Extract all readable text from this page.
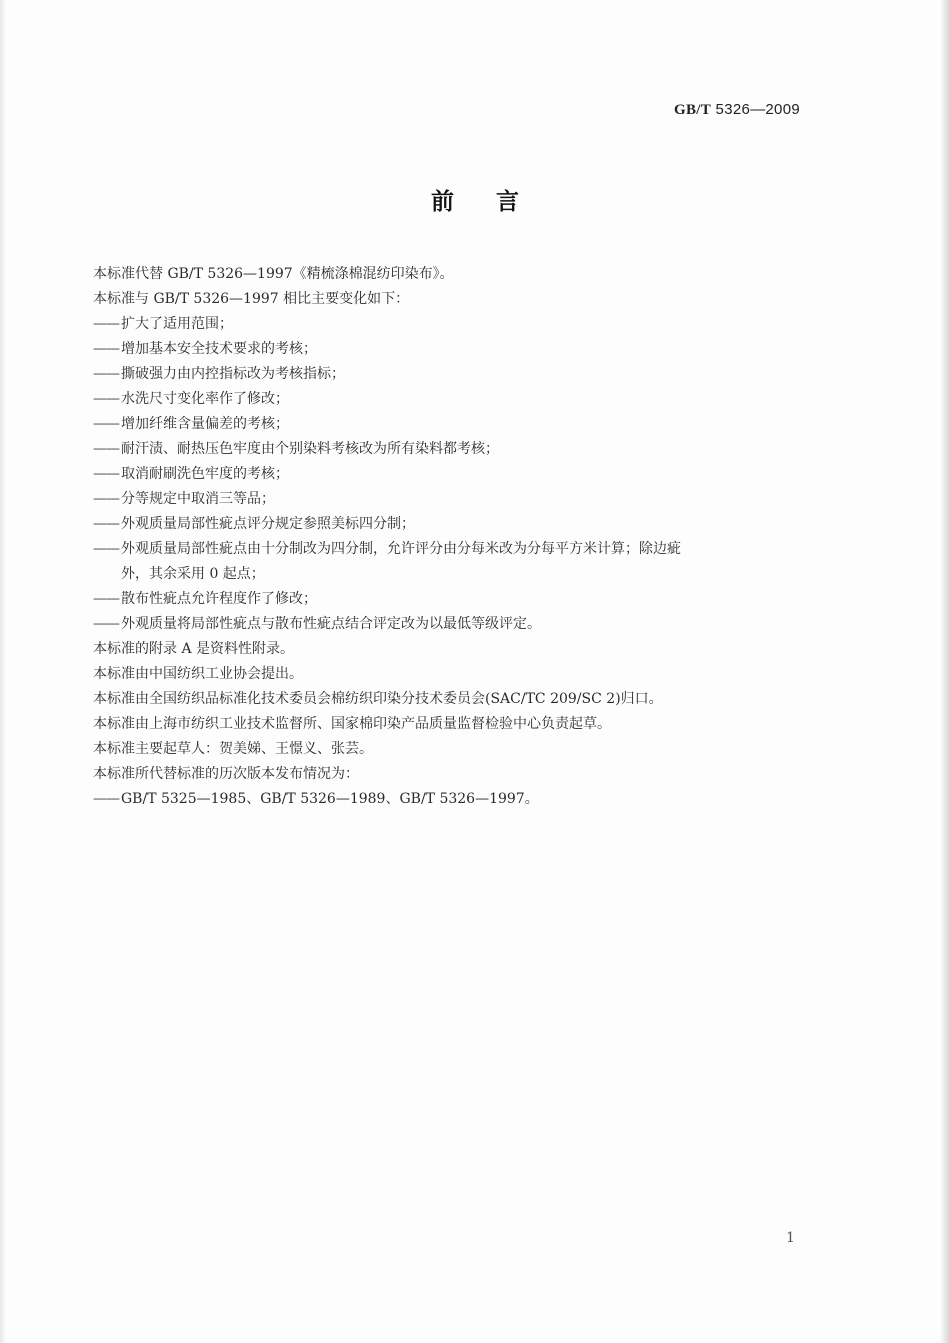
GB/T 5326—2009
前言
本标准代替 GB/T 5326—1997《精梳涤棉混纺印染布》。
本标准与 GB/T 5326—1997 相比主要变化如下：
—— 扩大了适用范围；
—— 增加基本安全技术要求的考核；
—— 撕破强力由内控指标改为考核指标；
—— 水洗尺寸变化率作了修改；
—— 增加纤维含量偏差的考核；
—— 耐汗渍、耐热压色牢度由个别染料考核改为所有染料都考核；
—— 取消耐刷洗色牢度的考核；
—— 分等规定中取消三等品；
—— 外观质量局部性疵点评分规定参照美标四分制；
—— 外观质量局部性疵点由十分制改为四分制，允许评分由分每米改为分每平方米计算；除边疵
外，其余采用 0 起点；
—— 散布性疵点允许程度作了修改；
—— 外观质量将局部性疵点与散布性疵点结合评定改为以最低等级评定。
本标准的附录 A 是资料性附录。
本标准由中国纺织工业协会提出。
本标准由全国纺织品标准化技术委员会棉纺织印染分技术委员会(SAC/TC 209/SC 2)归口。
本标准由上海市纺织工业技术监督所、国家棉印染产品质量监督检验中心负责起草。
本标准主要起草人：贺美娣、王憬义、张芸。
本标准所代替标准的历次版本发布情况为：
—— GB/T 5325—1985、GB/T 5326—1989、GB/T 5326—1997。
1
